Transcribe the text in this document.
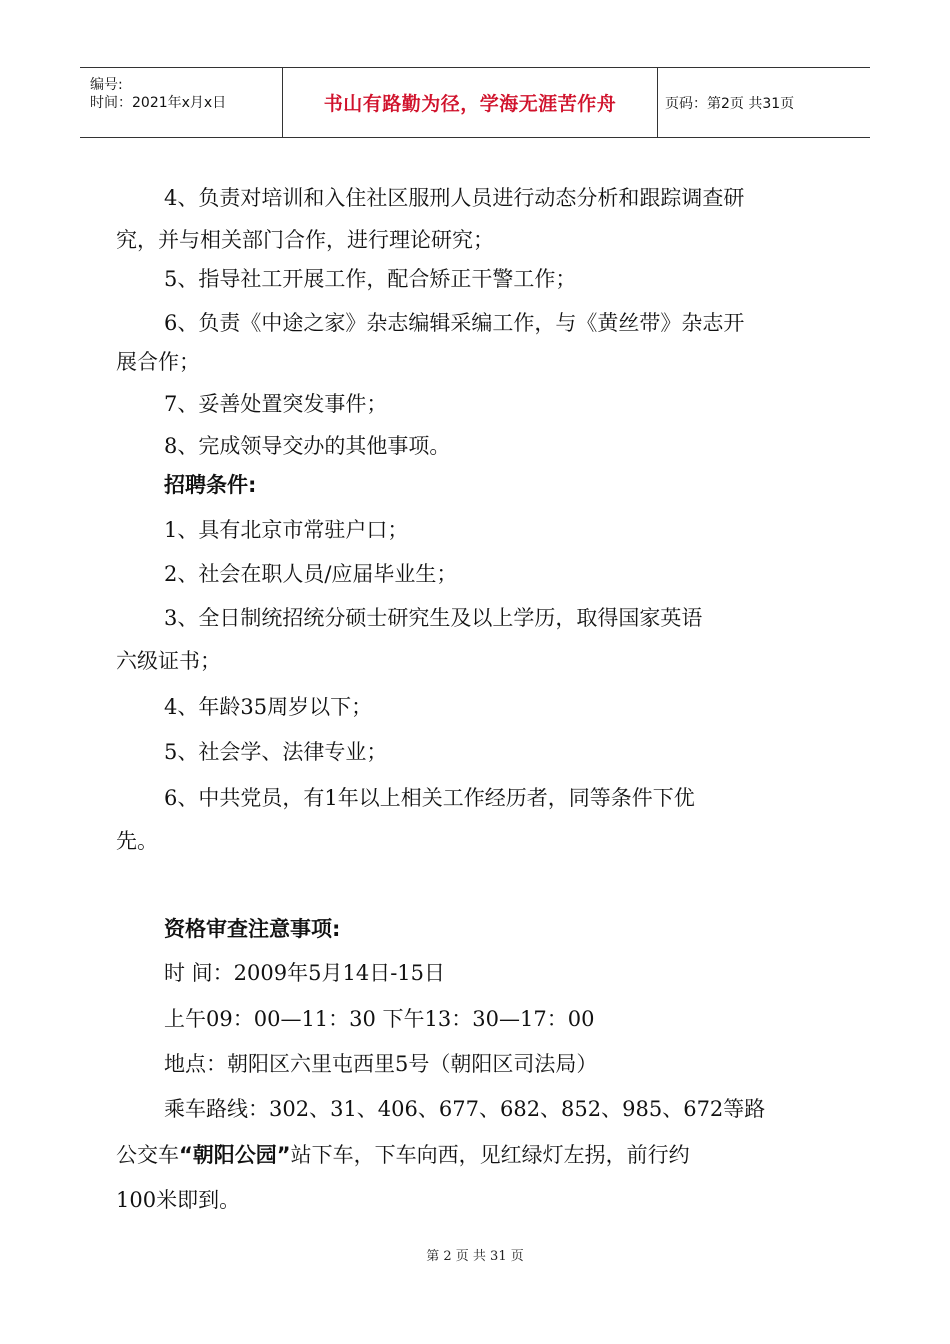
编号:
时间：2021年x月x日	书山有路勤为径，学海无涯苦作舟	页码：第2页 共31页
4、负责对培训和入住社区服刑人员进行动态分析和跟踪调查研
究，并与相关部门合作，进行理论研究；
5、指导社工开展工作，配合矫正干警工作；
6、负责《中途之家》杂志编辑采编工作，与《黄丝带》杂志开
展合作；
7、妥善处置突发事件；
8、完成领导交办的其他事项。
招聘条件:
1、具有北京市常驻户口；
2、社会在职人员/应届毕业生；
3、全日制统招统分硕士研究生及以上学历，取得国家英语
六级证书；
4、年龄35周岁以下；
5、社会学、法律专业；
6、中共党员，有1年以上相关工作经历者，同等条件下优
先。
资格审查注意事项:
时 间：2009年5月14日-15日
上午09：00—11：30 下午13：30—17：00
地点：朝阳区六里屯西里5号（朝阳区司法局）
乘车路线：302、31、406、677、682、852、985、672等路
公交车“朝阳公园”站下车，下车向西，见红绿灯左拐，前行约
100米即到。
第 2 页 共 31 页
